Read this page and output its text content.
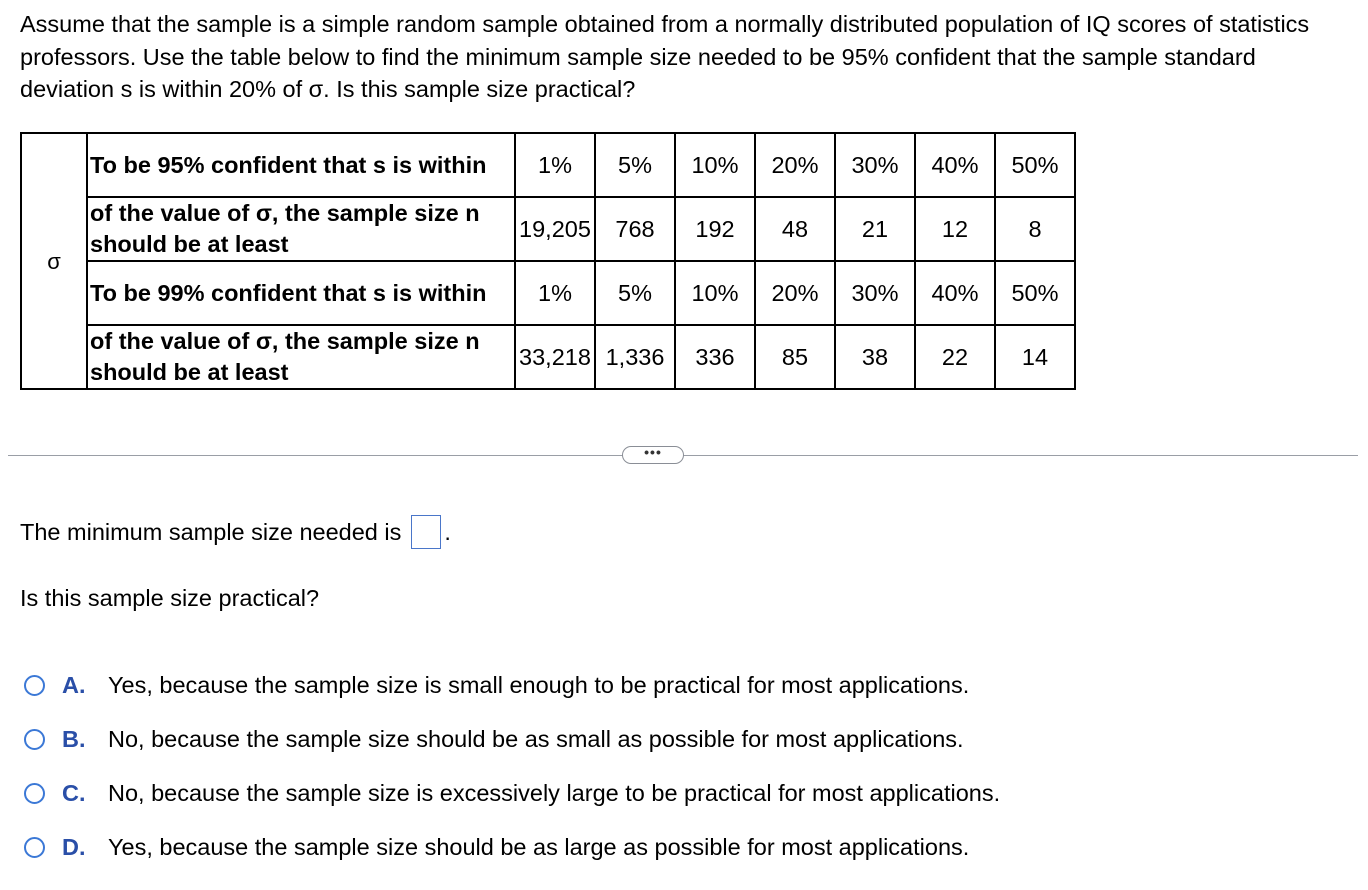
Assume that the sample is a simple random sample obtained from a normally distributed population of IQ scores of statistics professors. Use the table below to find the minimum sample size needed to be 95% confident that the sample standard deviation s is within 20% of σ. Is this sample size practical?
σ	To be 95% confident that s is within	1%	5%	10%	20%	30%	40%	50%
	of the value of σ, the sample size n should be at least	19,205	768	192	48	21	12	8
	To be 99% confident that s is within	1%	5%	10%	20%	30%	40%	50%
	of the value of σ, the sample size n should be at least	33,218	1,336	336	85	38	22	14
•••
The minimum sample size needed is .
Is this sample size practical?
A. Yes, because the sample size is small enough to be practical for most applications.
B. No, because the sample size should be as small as possible for most applications.
C. No, because the sample size is excessively large to be practical for most applications.
D. Yes, because the sample size should be as large as possible for most applications.
